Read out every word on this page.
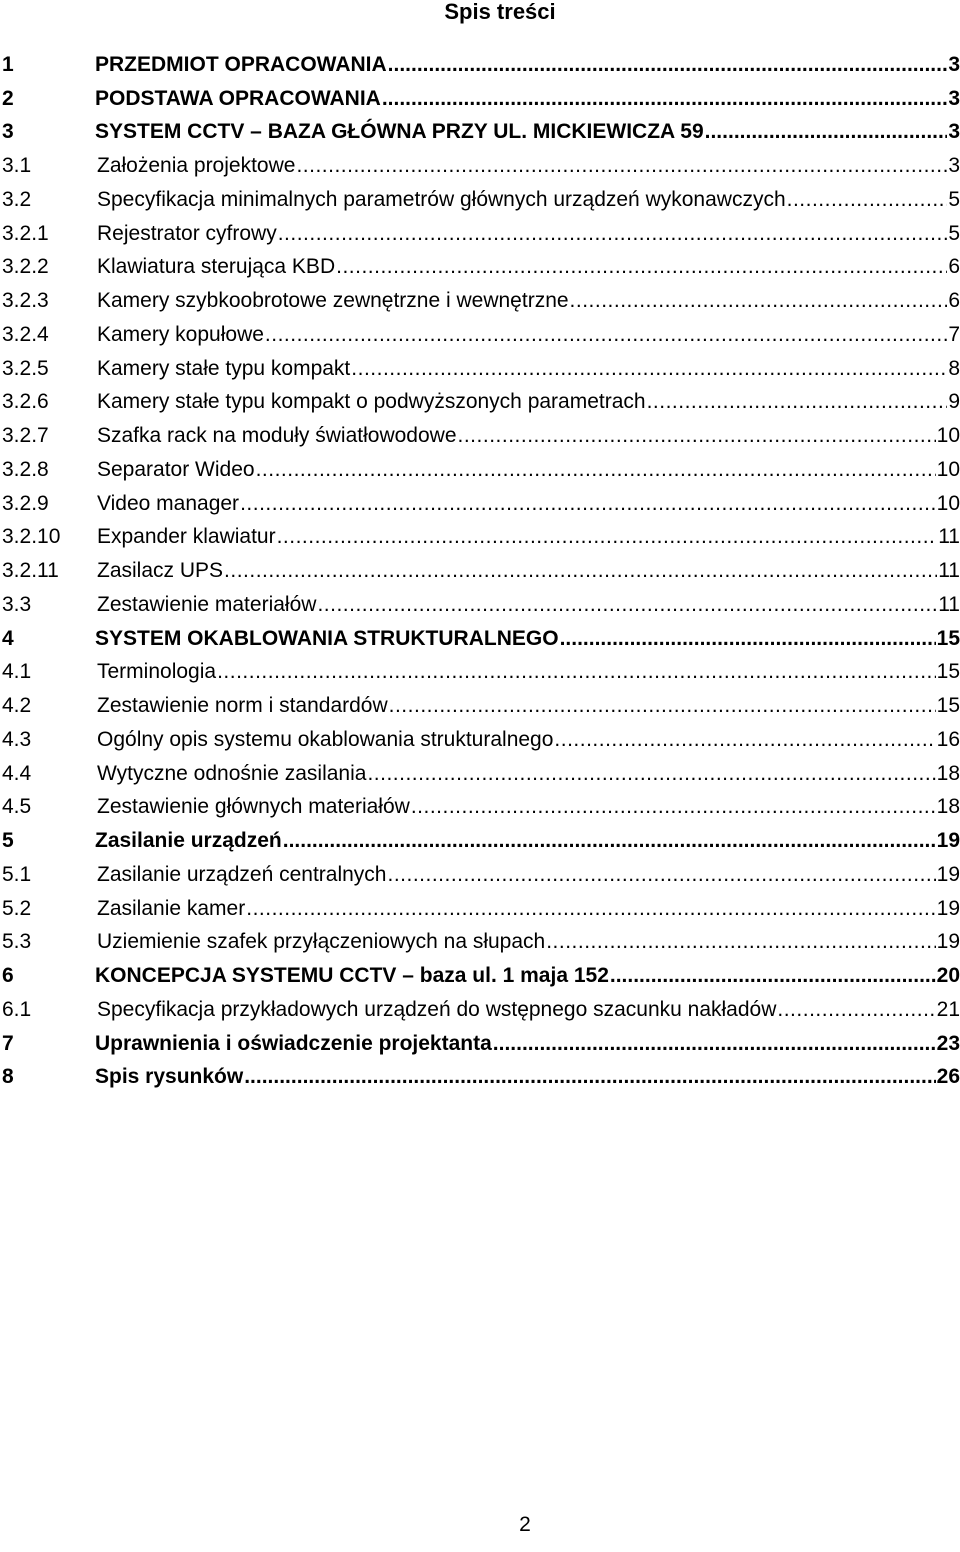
Spis treści
1	PRZEDMIOT OPRACOWANIA .....	3
2	PODSTAWA OPRACOWANIA .....	3
3	SYSTEM CCTV – BAZA GŁÓWNA PRZY UL. MICKIEWICZA 59 .....	3
3.1	Założenia projektowe .....	3
3.2	Specyfikacja minimalnych parametrów głównych urządzeń wykonawczych .....	5
3.2.1	Rejestrator cyfrowy .....	5
3.2.2	Klawiatura sterująca KBD .....	6
3.2.3	Kamery szybkoobrotowe zewnętrzne i wewnętrzne .....	6
3.2.4	Kamery kopułowe .....	7
3.2.5	Kamery stałe typu kompakt .....	8
3.2.6	Kamery stałe typu kompakt o podwyższonych parametrach .....	9
3.2.7	Szafka rack na moduły światłowodowe .....	10
3.2.8	Separator Wideo .....	10
3.2.9	Video manager .....	10
3.2.10	Expander klawiatur .....	11
3.2.11	Zasilacz UPS .....	11
3.3	Zestawienie materiałów .....	11
4	SYSTEM OKABLOWANIA STRUKTURALNEGO .....	15
4.1	Terminologia .....	15
4.2	Zestawienie norm i standardów .....	15
4.3	Ogólny opis systemu okablowania strukturalnego .....	16
4.4	Wytyczne odnośnie zasilania .....	18
4.5	Zestawienie głównych materiałów .....	18
5	Zasilanie urządzeń .....	19
5.1	Zasilanie urządzeń centralnych .....	19
5.2	Zasilanie kamer .....	19
5.3	Uziemienie szafek przyłączeniowych na słupach .....	19
6	KONCEPCJA SYSTEMU CCTV – baza ul. 1 maja 152 .....	20
6.1	Specyfikacja przykładowych urządzeń do wstępnego szacunku nakładów .....	21
7	Uprawnienia i oświadczenie projektanta .....	23
8	Spis rysunków .....	26
2
